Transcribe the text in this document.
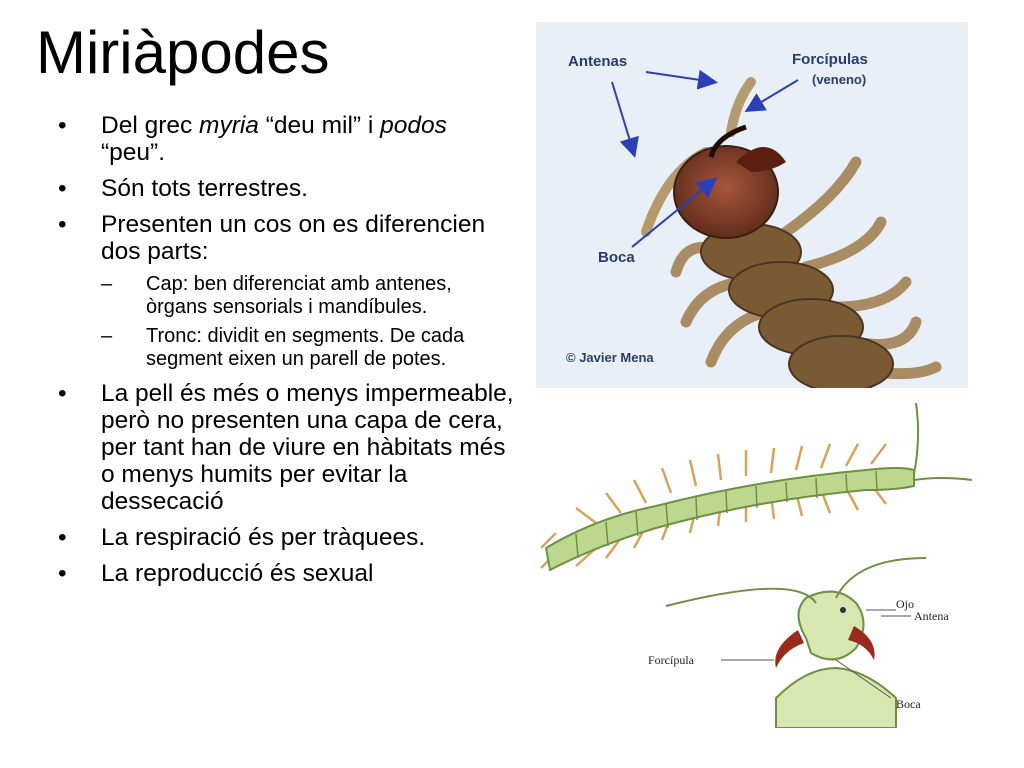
Miriàpodes
• Del grec myria “deu mil” i podos “peu”.
• Són tots terrestres.
• Presenten un cos on es diferencien dos parts:
– Cap: ben diferenciat amb antenes, òrgans sensorials i mandíbules.
– Tronc: dividit en segments. De cada segment eixen un parell de potes.
• La pell és més o menys impermeable, però no presenten una capa de cera, per tant han de viure en hàbitats més o menys humits per evitar la dessecació
• La respiració és per tràquees.
• La reproducció és sexual
Antenas	Forcípulas
(veneno)
Boca
© Javier Mena
Ojo
Antena
Forcípula
Boca
